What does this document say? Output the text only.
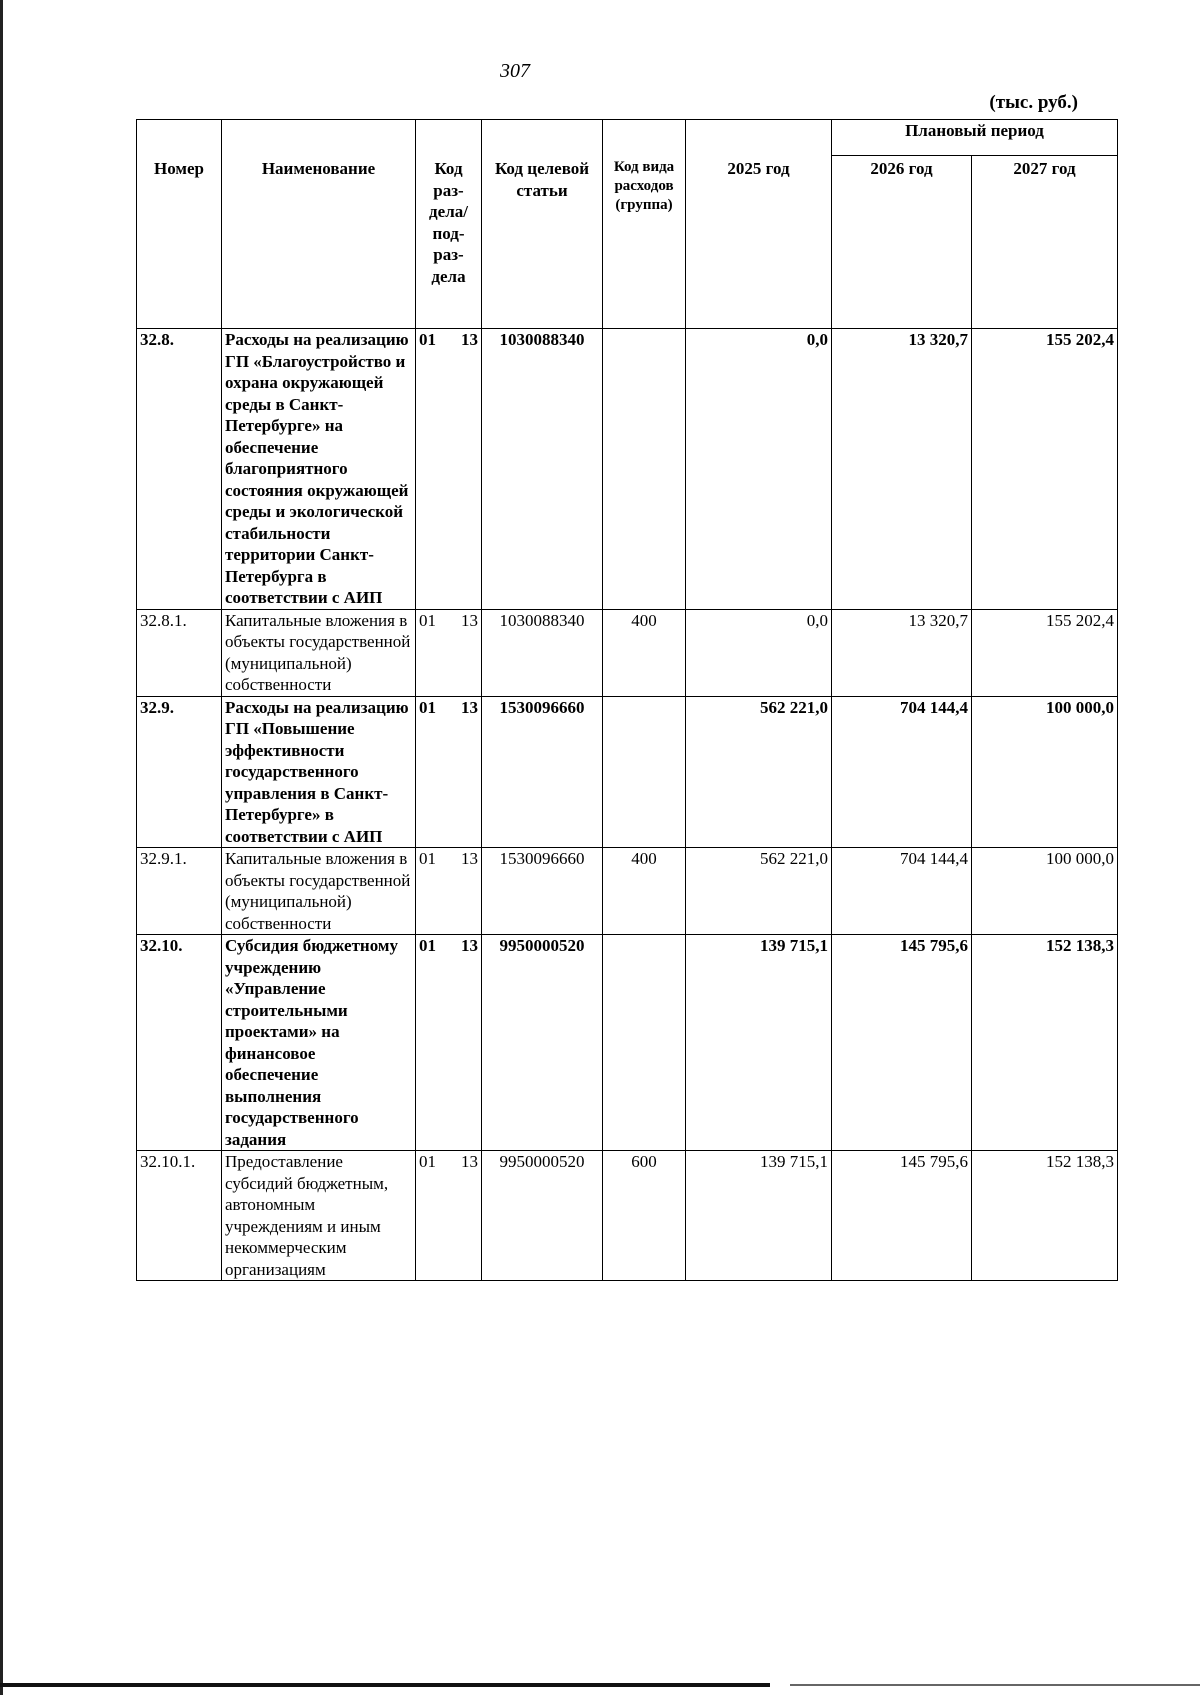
307
(тыс. руб.)
Номер	Наименование	Код раз-дела/ под-раз-дела	Код целевой статьи	Код вида расходов (группа)	2025 год	Плановый период	
						2026 год	2027 год
32.8.	Расходы на реализацию ГП «Благоустройство и охрана окружающей среды в Санкт-Петербурге» на обеспечение благоприятного состояния окружающей среды и экологической стабильности территории Санкт-Петербурга в соответствии с АИП	01 13	1030088340		0,0	13 320,7	155 202,4
32.8.1.	Капитальные вложения в объекты государственной (муниципальной) собственности	01 13	1030088340	400	0,0	13 320,7	155 202,4
32.9.	Расходы на реализацию ГП «Повышение эффективности государственного управления в Санкт-Петербурге» в соответствии с АИП	01 13	1530096660		562 221,0	704 144,4	100 000,0
32.9.1.	Капитальные вложения в объекты государственной (муниципальной) собственности	01 13	1530096660	400	562 221,0	704 144,4	100 000,0
32.10.	Субсидия бюджетному учреждению «Управление строительными проектами» на финансовое обеспечение выполнения государственного задания	01 13	9950000520		139 715,1	145 795,6	152 138,3
32.10.1.	Предоставление субсидий бюджетным, автономным учреждениям и иным некоммерческим организациям	01 13	9950000520	600	139 715,1	145 795,6	152 138,3
